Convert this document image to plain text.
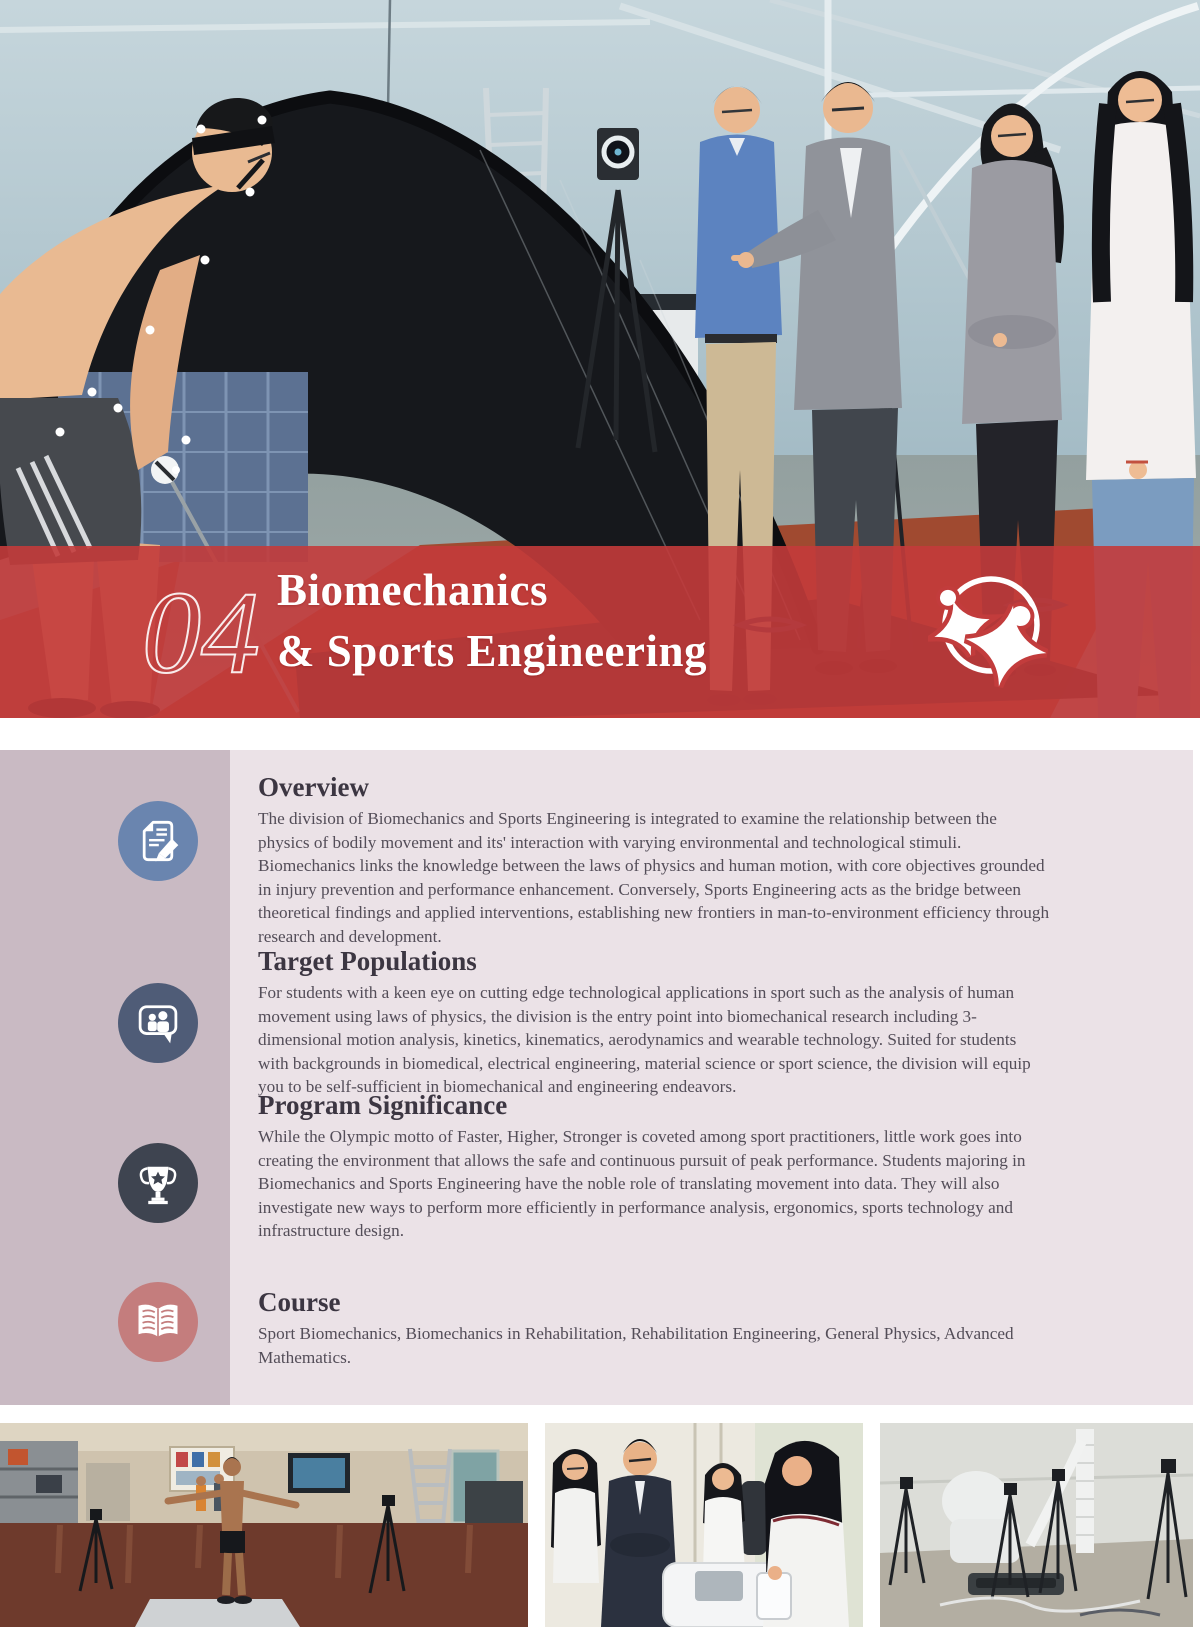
04 Biomechanics
& Sports Engineering
Overview

The division of Biomechanics and Sports Engineering is integrated to examine the relationship between the physics of bodily movement and its' interaction with varying environmental and technological stimuli. Biomechanics links the knowledge between the laws of physics and human motion, with core objectives grounded in injury prevention and performance enhancement. Conversely, Sports Engineering acts as the bridge between theoretical findings and applied interventions, establishing new frontiers in man-to-environment efficiency through research and development.

Target Populations

For students with a keen eye on cutting edge technological applications in sport such as the analysis of human movement using laws of physics, the division is the entry point into biomechanical research including 3-dimensional motion analysis, kinetics, kinematics, aerodynamics and wearable technology. Suited for students with backgrounds in biomedical, electrical engineering, material science or sport science, the division will equip you to be self-sufficient in biomechanical and engineering endeavors.

Program Significance

While the Olympic motto of Faster, Higher, Stronger is coveted among sport practitioners, little work goes into creating the environment that allows the safe and continuous pursuit of peak performance. Students majoring in Biomechanics and Sports Engineering have the noble role of translating movement into data. They will also investigate new ways to perform more efficiently in performance analysis, ergonomics, sports technology and infrastructure design.

Course

Sport Biomechanics, Biomechanics in Rehabilitation, Rehabilitation Engineering, General Physics, Advanced Mathematics.
